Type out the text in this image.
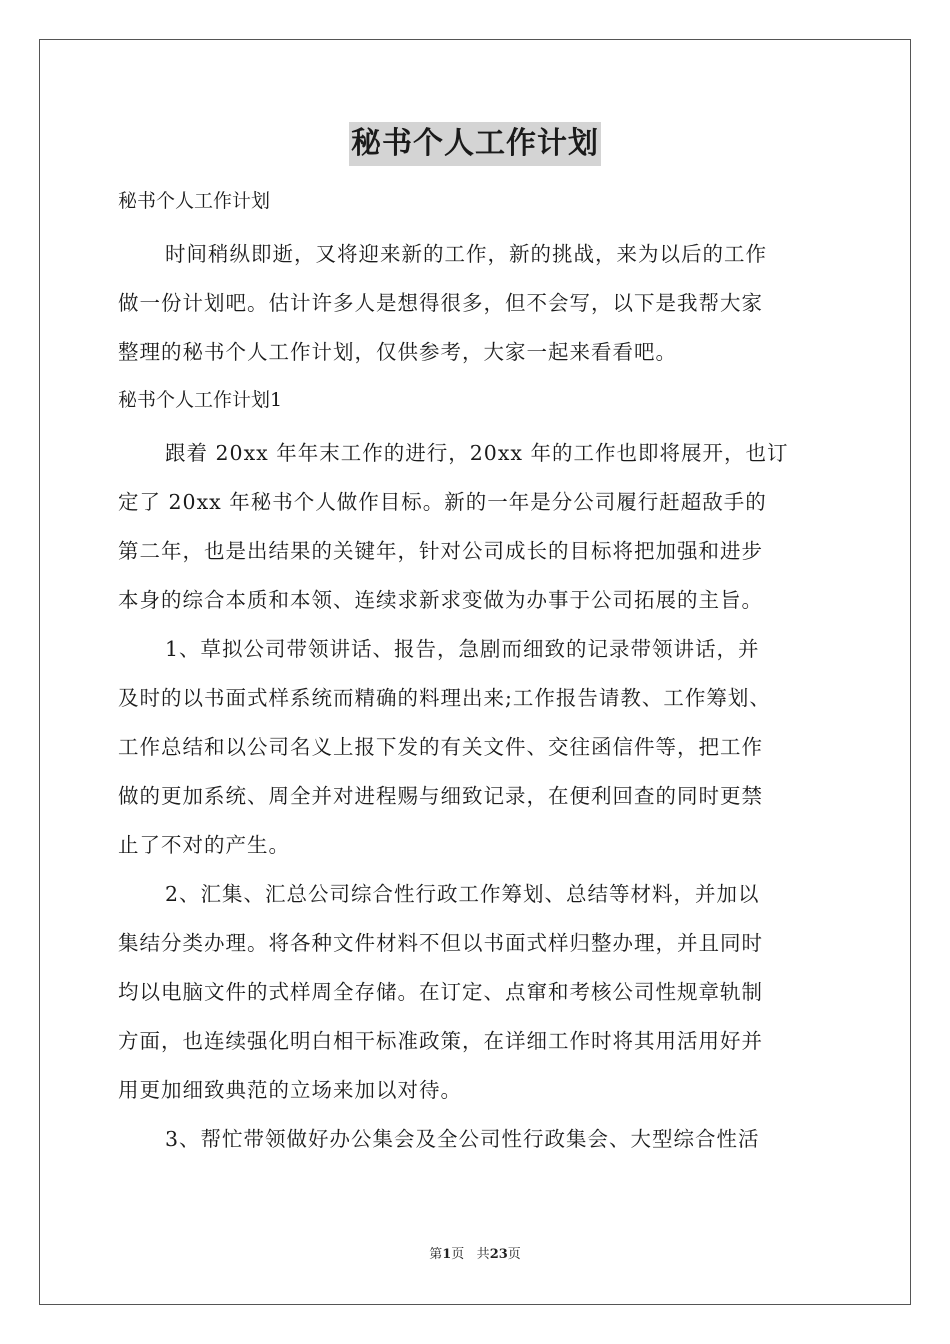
秘书个人工作计划
秘书个人工作计划
时间稍纵即逝，又将迎来新的工作，新的挑战，来为以后的工作
做一份计划吧。估计许多人是想得很多，但不会写，以下是我帮大家
整理的秘书个人工作计划，仅供参考，大家一起来看看吧。
秘书个人工作计划1
跟着 20xx 年年末工作的进行，20xx 年的工作也即将展开，也订
定了 20xx 年秘书个人做作目标。新的一年是分公司履行赶超敌手的
第二年，也是出结果的关键年，针对公司成长的目标将把加强和进步
本身的综合本质和本领、连续求新求变做为办事于公司拓展的主旨。
1、草拟公司带领讲话、报告，急剧而细致的记录带领讲话，并
及时的以书面式样系统而精确的料理出来;工作报告请教、工作筹划、
工作总结和以公司名义上报下发的有关文件、交往函信件等，把工作
做的更加系统、周全并对进程赐与细致记录，在便利回查的同时更禁
止了不对的产生。
2、汇集、汇总公司综合性行政工作筹划、总结等材料，并加以
集结分类办理。将各种文件材料不但以书面式样归整办理，并且同时
均以电脑文件的式样周全存储。在订定、点窜和考核公司性规章轨制
方面，也连续强化明白相干标准政策，在详细工作时将其用活用好并
用更加细致典范的立场来加以对待。
3、帮忙带领做好办公集会及全公司性行政集会、大型综合性活
第1页 共23页
